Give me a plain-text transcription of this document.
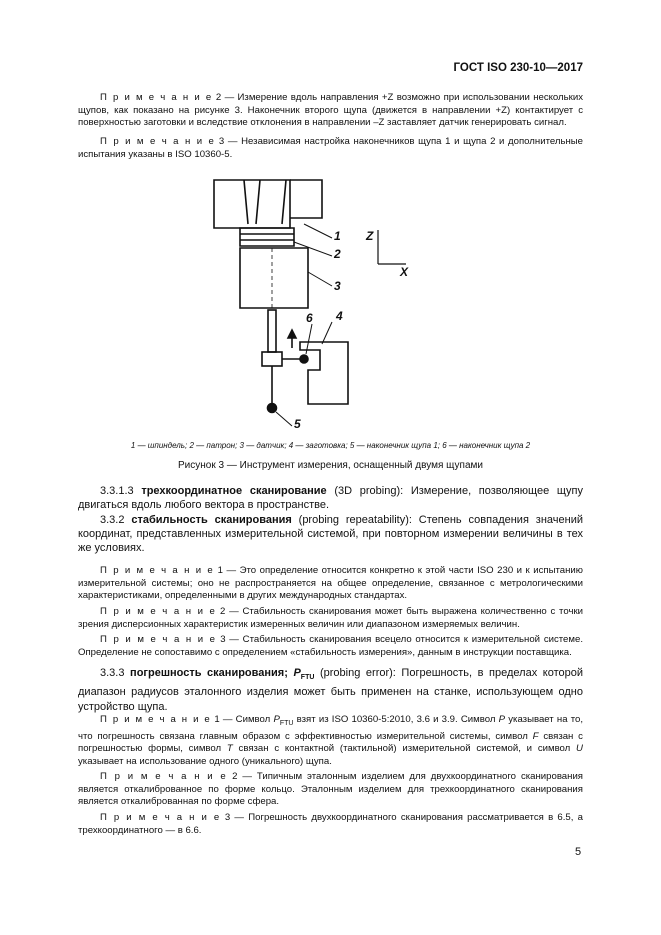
ГОСТ ISO 230-10—2017

П р и м е ч а н и е 2 — Измерение вдоль направления +Z возможно при использовании нескольких щупов, как показано на рисунке 3. Наконечник второго щупа (движется в направлении +Z) контактирует с поверхностью заготовки и вследствие отклонения в направлении –Z заставляет датчик генерировать сигнал.

П р и м е ч а н и е 3 — Независимая настройка наконечников щупа 1 и щупа 2 и дополнительные испытания указаны в ISO 10360-5.

1
2
3
4
6
5
Z
X
1 — шпиндель; 2 — патрон; 3 — датчик; 4 — заготовка; 5 — наконечник щупа 1; 6 — наконечник щупа 2
Рисунок 3 — Инструмент измерения, оснащенный двумя щупами

3.3.1.3 трехкоординатное сканирование (3D probing): Измерение, позволяющее щупу двигаться вдоль любого вектора в пространстве.

3.3.2 стабильность сканирования (probing repeatability): Степень совпадения значений координат, представленных измерительной системой, при повторном измерении величины в тех же условиях.

П р и м е ч а н и е 1 — Это определение относится конкретно к этой части ISO 230 и к испытанию измерительной системы; оно не распространяется на общее определение, связанное с метрологическими характеристиками, определенными в других международных стандартах.

П р и м е ч а н и е 2 — Стабильность сканирования может быть выражена количественно с точки зрения дисперсионных характеристик измеренных величин или диапазоном измеряемых величин.

П р и м е ч а н и е 3 — Стабильность сканирования всецело относится к измерительной системе. Определение не сопоставимо с определением «стабильность измерения», данным в инструкции поставщика.

3.3.3 погрешность сканирования; $P_{FTU}$ (probing error): Погрешность, в пределах которой диапазон радиусов эталонного изделия может быть применен на станке, использующем одно устройство щупа.

П р и м е ч а н и е 1 — Символ $P_{FTU}$ взят из ISO 10360-5:2010, 3.6 и 3.9. Символ P указывает на то, что погрешность связана главным образом с эффективностью измерительной системы, символ F связан с погрешностью формы, символ T связан с контактной (тактильной) измерительной системой, и символ U указывает на использование одного (уникального) щупа.

П р и м е ч а н и е 2 — Типичным эталонным изделием для двухкоординатного сканирования является откалиброванное по форме кольцо. Эталонным изделием для трехкоординатного сканирования является откалиброванная по форме сфера.

П р и м е ч а н и е 3 — Погрешность двухкоординатного сканирования рассматривается в 6.5, а трехкоординатного — в 6.6.

5
